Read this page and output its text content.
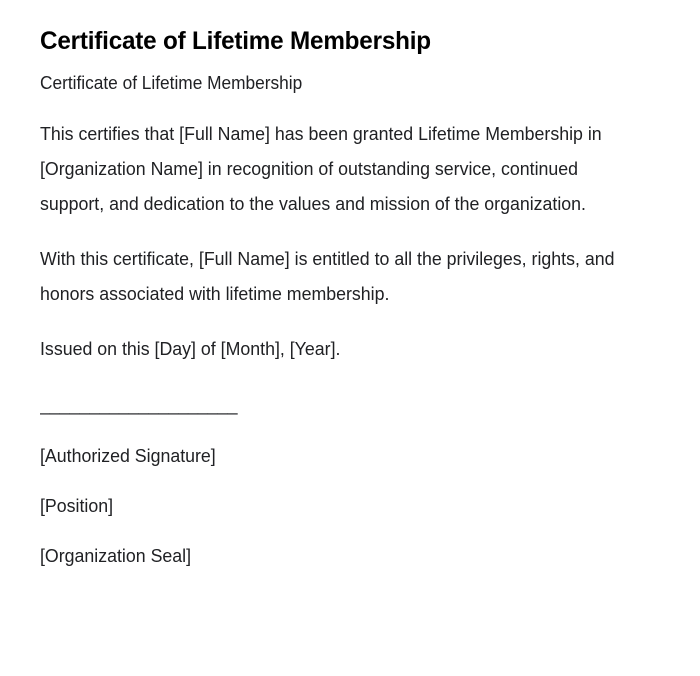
Certificate of Lifetime Membership

Certificate of Lifetime Membership

This certifies that [Full Name] has been granted Lifetime Membership in [Organization Name] in recognition of outstanding service, continued support, and dedication to the values and mission of the organization.

With this certificate, [Full Name] is entitled to all the privileges, rights, and honors associated with lifetime membership.

Issued on this [Day] of [Month], [Year].

____________________

[Authorized Signature]

[Position]

[Organization Seal]
